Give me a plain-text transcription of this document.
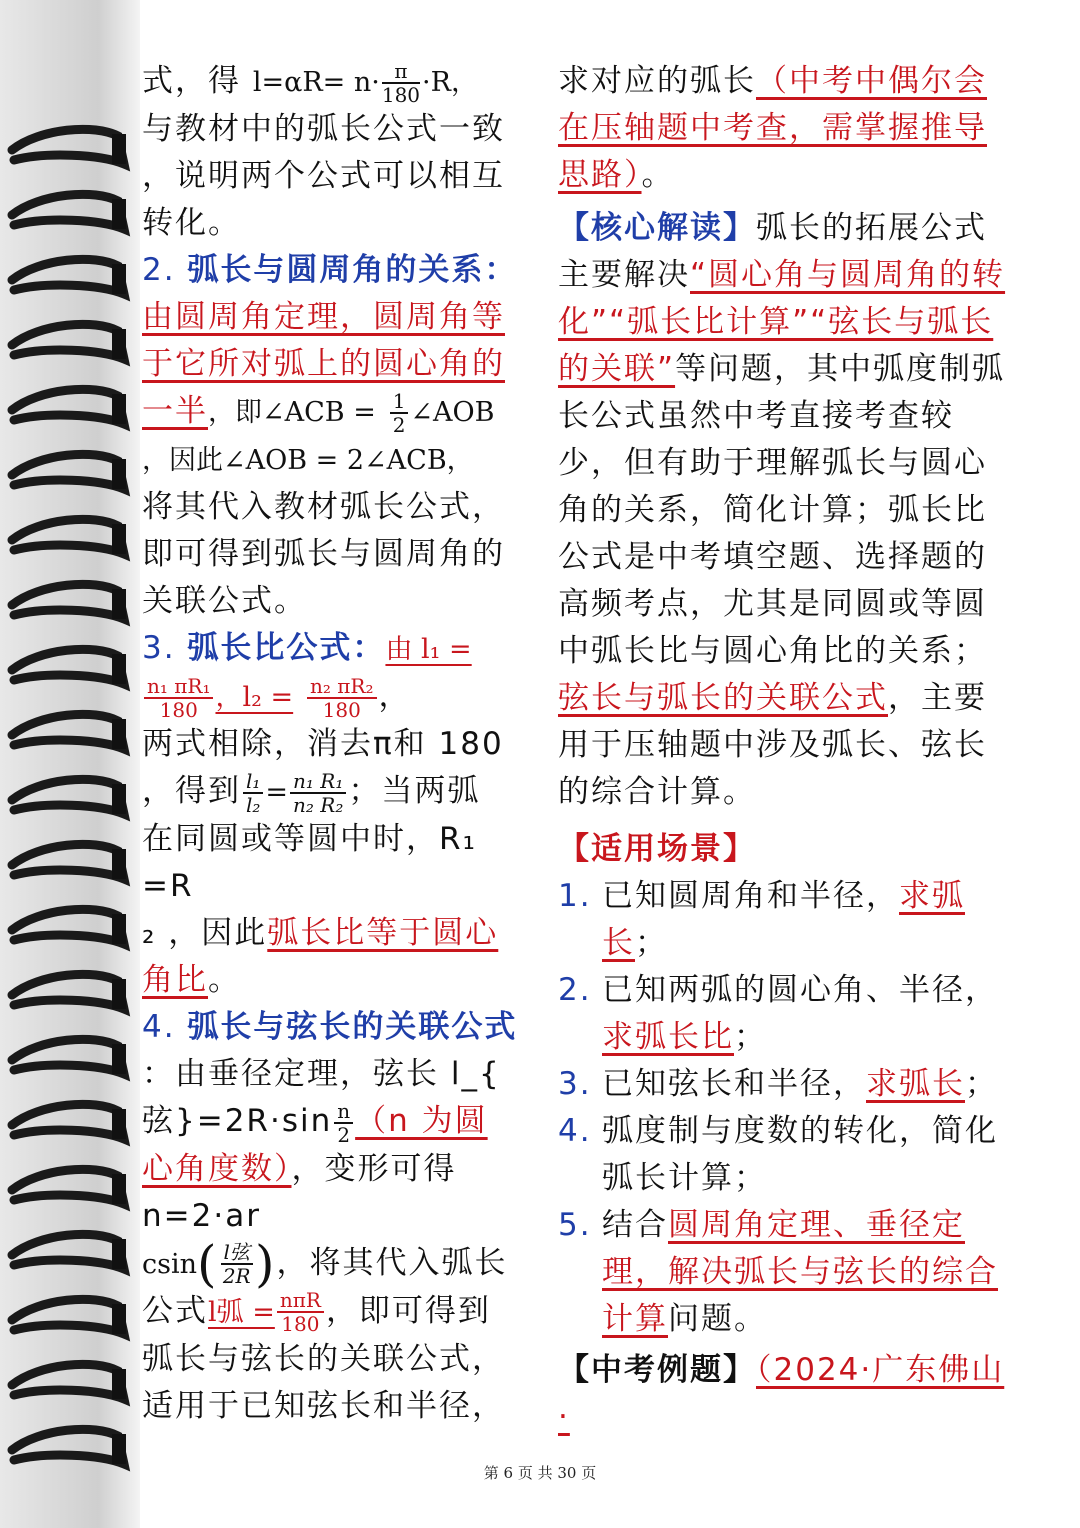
式，得 $l=\alpha R= n\cdot \frac{\pi}{180} \cdot R$，
与教材中的弧长公式一致
，说明两个公式可以相互
转化。
2. 弧长与圆周角的关系：
由圆周角定理，圆周角等于它所对弧上的圆心角的一半，即∠ACB = $\frac{1}{2}$ ∠AOB
，因此∠AOB = 2∠ACB，
将其代入教材弧长公式，即可得到弧长与圆周角的关联公式。
3. 弧长比公式：由 l₁ =

$\frac{\text{n₁ πR₁}}{180}$ ，$l_2 = \frac{\text{n₂ πR₂}}{180}$ ，
两式相除，消去π和 180
，得到 $\frac{\text{l₁}}{\text{l₂}} = \frac{\text{n₁ R₁}}{\text{n₂ R₂}}$ ；当两弧
在同圆或等圆中时，R₁ =R
₂ ，因此弧长比等于圆心角比。
4. 弧长与弦长的关联公式
：由垂径定理，弦长 l_{
弦}$=2R\cdot\sin \frac{n}{2} (n$ 为圆心角度数），变形可得 n=2·ar
$csin( \frac{\text{l弦}}{2R}$ )，将其代入弧长
公式l弧 = $\frac{\text{nπR}}{180}$ ，即可得到弧长与弦长的关联公式，适用于已知弦长和半径，
求对应的弧长（中考中偶尔会在压轴题中考查，需掌握推导思路）。
【核心解读】弧长的拓展公式主要解决“圆心角与圆周角的转化”“弧长比计算”“弦长与弧长的关联”等问题，其中弧度制弧长公式虽然中考直接考查较少，但有助于理解弧长与圆心角的关系，简化计算；弧长比公式是中考填空题、选择题的高频考点，尤其是同圆或等圆中弧长比与圆心角比的关系；
弦长与弧长的关联公式，主要用于压轴题中涉及弧长、弦长的综合计算。
【适用场景】
1. 已知圆周角和半径，求弧长；
2. 已知两弧的圆心角、半径，求弧长比；
3. 已知弦长和半径，求弧长；
4. 弧度制与度数的转化，简化弧长计算；
5. 结合圆周角定理、垂径定理，解决弧长与弦长的综合计算问题。
【中考例题】（2024·广东佛山·
第 6 页 共 30 页
